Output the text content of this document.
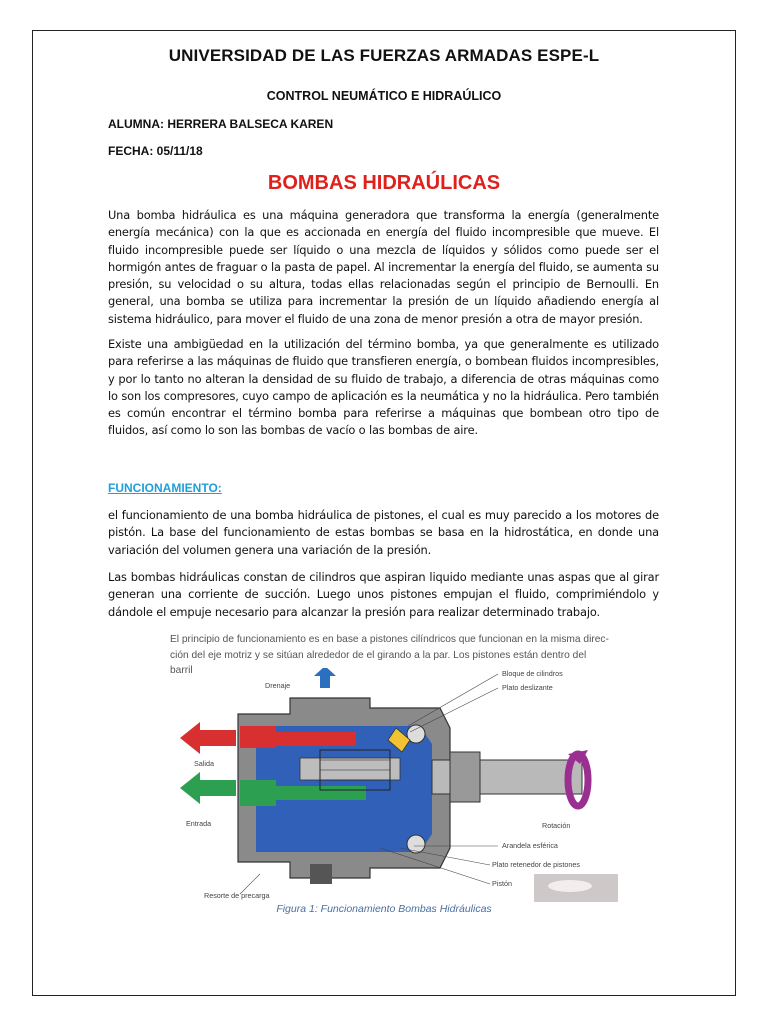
UNIVERSIDAD DE LAS FUERZAS ARMADAS ESPE-L
CONTROL NEUMÁTICO E HIDRAÚLICO
ALUMNA: HERRERA BALSECA KAREN
FECHA: 05/11/18
BOMBAS HIDRAÚLICAS
Una bomba hidráulica es una máquina generadora que transforma la energía (generalmente energía mecánica) con la que es accionada en energía del fluido incompresible que mueve. El fluido incompresible puede ser líquido o una mezcla de líquidos y sólidos como puede ser el hormigón antes de fraguar o la pasta de papel. Al incrementar la energía del fluido, se aumenta su presión, su velocidad o su altura, todas ellas relacionadas según el principio de Bernoulli. En general, una bomba se utiliza para incrementar la presión de un líquido añadiendo energía al sistema hidráulico, para mover el fluido de una zona de menor presión a otra de mayor presión.
Existe una ambigüedad en la utilización del término bomba, ya que generalmente es utilizado para referirse a las máquinas de fluido que transfieren energía, o bombean fluidos incompresibles, y por lo tanto no alteran la densidad de su fluido de trabajo, a diferencia de otras máquinas como lo son los compresores, cuyo campo de aplicación es la neumática y no la hidráulica. Pero también es común encontrar el término bomba para referirse a máquinas que bombean otro tipo de fluidos, así como lo son las bombas de vacío o las bombas de aire.
FUNCIONAMIENTO:
el funcionamiento de una bomba hidráulica de pistones, el cual es muy parecido a los motores de pistón. La base del funcionamiento de estas bombas se basa en la hidrostática, en donde una variación del volumen genera una variación de la presión.
Las bombas hidráulicas constan de cilindros que aspiran liquido mediante unas aspas que al girar generan una corriente de succión. Luego unos pistones empujan el fluido, comprimiéndolo y dándole el empuje necesario para alcanzar la presión para realizar determinado trabajo.
El principio de funcionamiento es en base a pistones cilíndricos que funcionan en la misma direc-ción del eje motriz y se sitúan alrededor de el girando a la par. Los pistones están dentro del barril
Drenaje
Salida
Entrada	Rotación
Bloque de cilindros
Plato deslizante
Arandela esférica
Plato retenedor de pistones
Pistón
Resorte de precarga
Figura 1: Funcionamiento Bombas Hidráulicas
